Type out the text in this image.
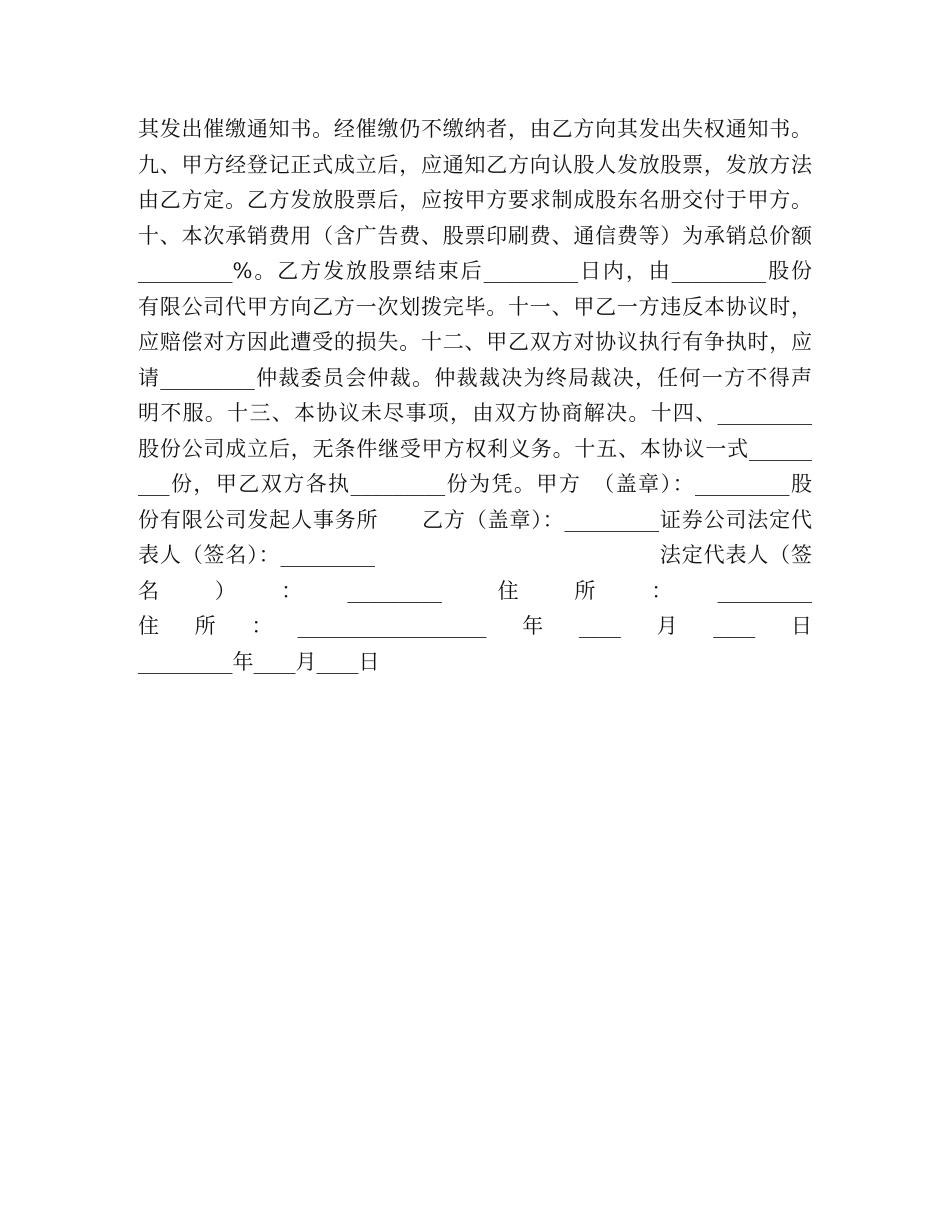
其发出催缴通知书。经催缴仍不缴纳者，由乙方向其发出失权通知书。
九、甲方经登记正式成立后，应通知乙方向认股人发放股票，发放方法
由乙方定。乙方发放股票后，应按甲方要求制成股东名册交付于甲方。
十、本次承销费用（含广告费、股票印刷费、通信费等）为承销总价额
_________%。乙方发放股票结束后_________日内，由_________股份
有限公司代甲方向乙方一次划拨完毕。十一、甲乙一方违反本协议时，
应赔偿对方因此遭受的损失。十二、甲乙双方对协议执行有争执时，应
请_________仲裁委员会仲裁。仲裁裁决为终局裁决，任何一方不得声
明不服。十三、本协议未尽事项，由双方协商解决。十四、_________
股份公司成立后，无条件继受甲方权利义务。十五、本协议一式______
___份，甲乙双方各执_________份为凭。甲方　（盖章）：_________股
份有限公司发起人事务所　　乙方（盖章）：_________证券公司法定代
表人（签名）：_________　　　　　　　　　　　　　法定代表人（签
名　）　：　_________　住　所　：　_________
住　所　：　__________________　年　____　月　____　日
_________年____月____日
